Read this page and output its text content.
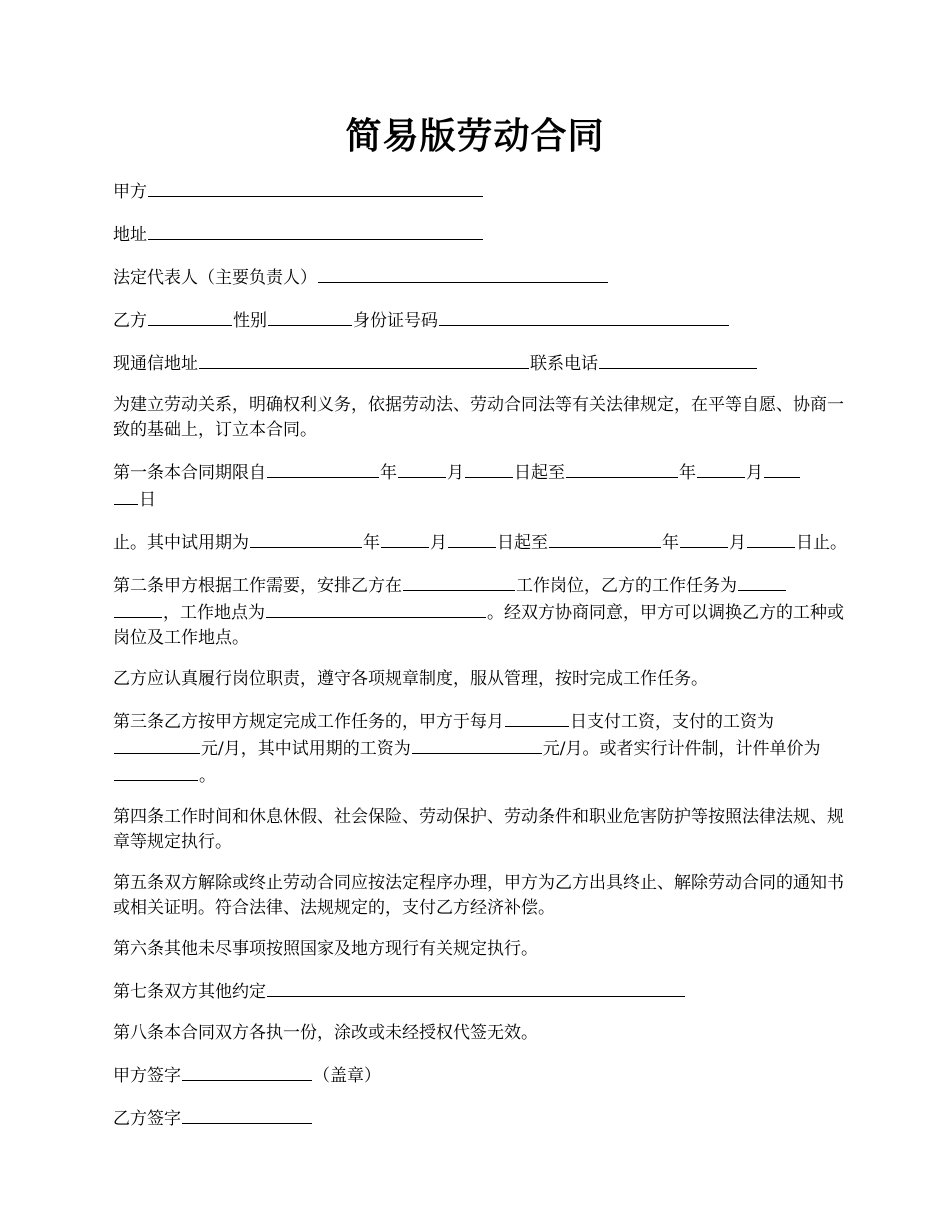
简易版劳动合同

甲方

地址

法定代表人（主要负责人）

乙方	性别	身份证号码

现通信地址	联系电话

为建立劳动关系，明确权利义务，依据劳动法、劳动合同法等有关法律规定，在平等自愿、协商一致的基础上，订立本合同。

第一条本合同期限自	年	月	日起至	年	月
日

止。其中试用期为	年	月	日起至	年	月	日止。

第二条甲方根据工作需要，安排乙方在	工作岗位，乙方的工作任务为
，工作地点为	。经双方协商同意，甲方可以调换乙方的工种或岗位及工作地点。

乙方应认真履行岗位职责，遵守各项规章制度，服从管理，按时完成工作任务。

第三条乙方按甲方规定完成工作任务的，甲方于每月	日支付工资，支付的工资为元/月，其中试用期的工资为	元/月。或者实行计件制，计件单价为。

第四条工作时间和休息休假、社会保险、劳动保护、劳动条件和职业危害防护等按照法律法规、规章等规定执行。

第五条双方解除或终止劳动合同应按法定程序办理，甲方为乙方出具终止、解除劳动合同的通知书或相关证明。符合法律、法规规定的，支付乙方经济补偿。

第六条其他未尽事项按照国家及地方现行有关规定执行。

第七条双方其他约定

第八条本合同双方各执一份，涂改或未经授权代签无效。

甲方签字	（盖章）

乙方签字
